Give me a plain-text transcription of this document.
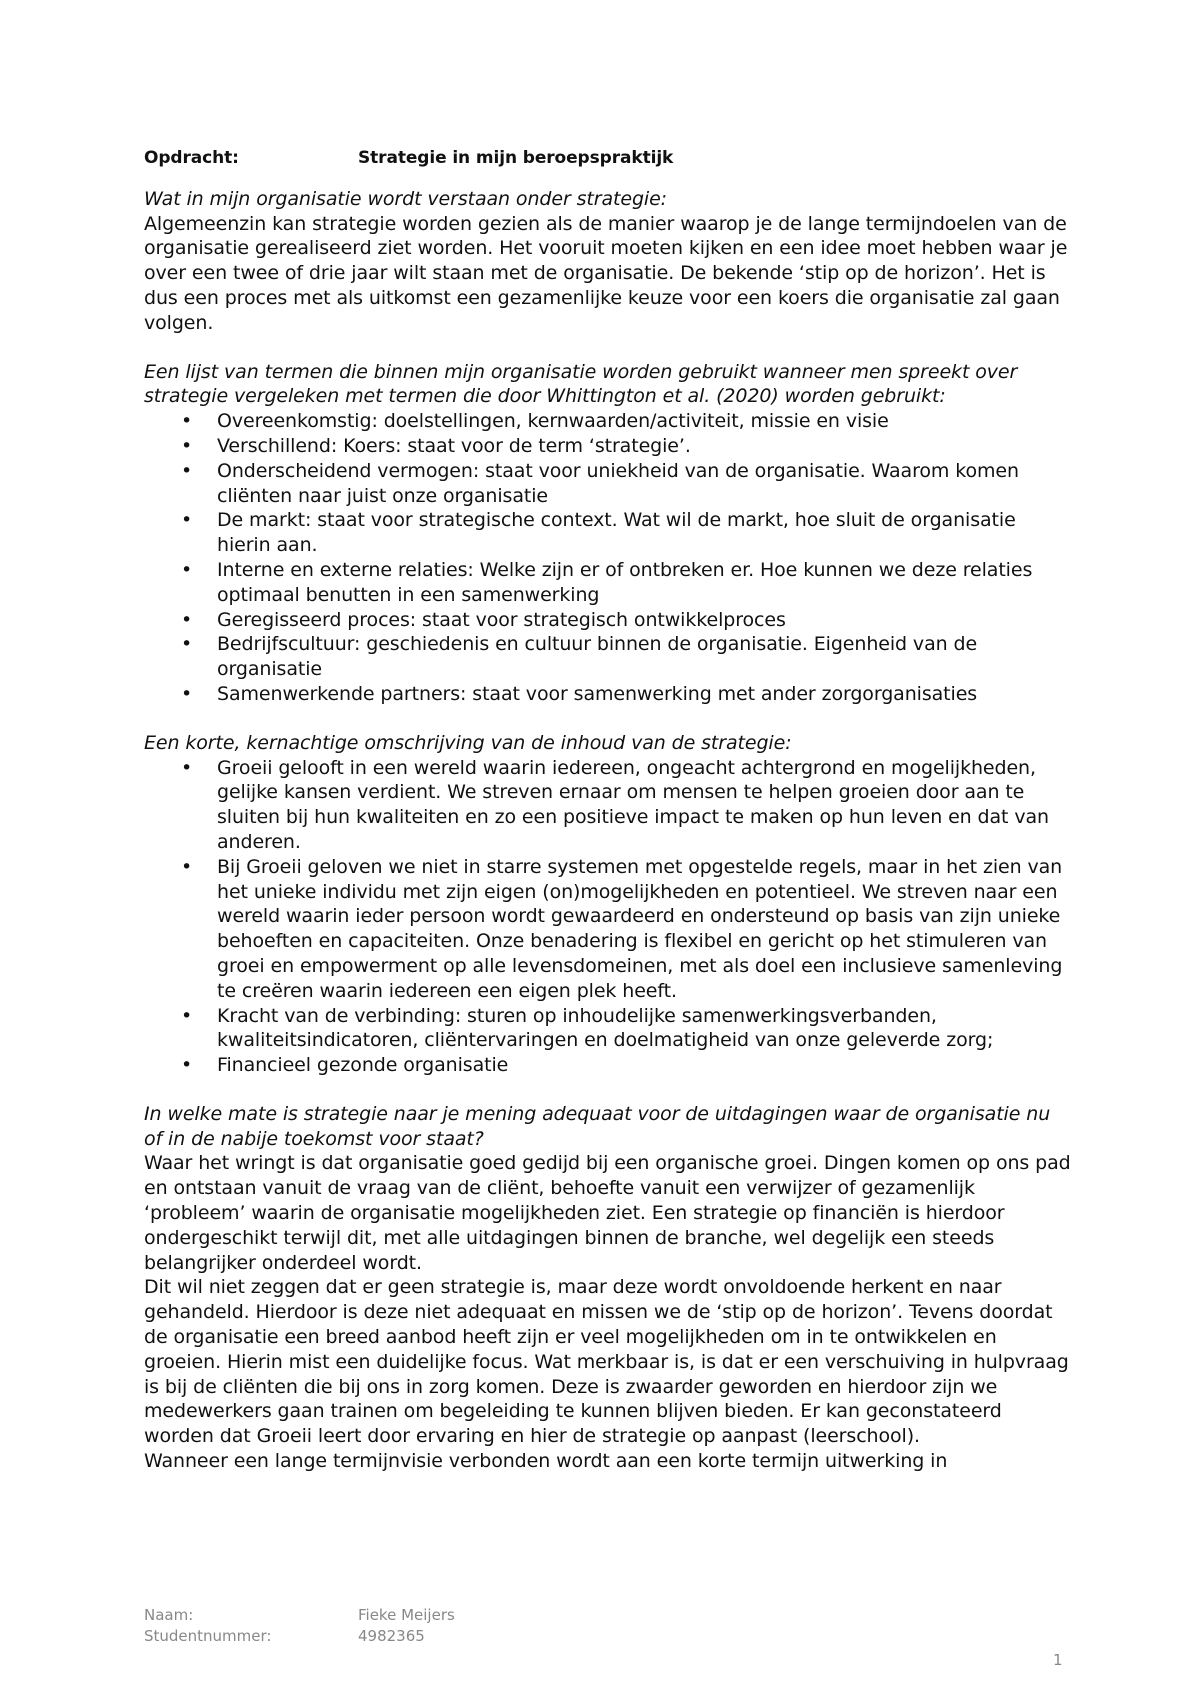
Opdracht:	Strategie in mijn beroepspraktijk

Wat in mijn organisatie wordt verstaan onder strategie:

Algemeenzin kan strategie worden gezien als de manier waarop je de lange termijndoelen van de organisatie gerealiseerd ziet worden. Het vooruit moeten kijken en een idee moet hebben waar je over een twee of drie jaar wilt staan met de organisatie. De bekende ‘stip op de horizon’. Het is dus een proces met als uitkomst een gezamenlijke keuze voor een koers die organisatie zal gaan volgen.

Een lijst van termen die binnen mijn organisatie worden gebruikt wanneer men spreekt over strategie vergeleken met termen die door Whittington et al. (2020) worden gebruikt:

• Overeenkomstig: doelstellingen, kernwaarden/activiteit, missie en visie
• Verschillend: Koers: staat voor de term ‘strategie’.
• Onderscheidend vermogen: staat voor uniekheid van de organisatie. Waarom komen cliënten naar juist onze organisatie
• De markt: staat voor strategische context. Wat wil de markt, hoe sluit de organisatie hierin aan.
• Interne en externe relaties: Welke zijn er of ontbreken er. Hoe kunnen we deze relaties optimaal benutten in een samenwerking
• Geregisseerd proces: staat voor strategisch ontwikkelproces
• Bedrijfscultuur: geschiedenis en cultuur binnen de organisatie. Eigenheid van de organisatie
• Samenwerkende partners: staat voor samenwerking met ander zorgorganisaties

Een korte, kernachtige omschrijving van de inhoud van de strategie:

• Groeii gelooft in een wereld waarin iedereen, ongeacht achtergrond en mogelijkheden, gelijke kansen verdient. We streven ernaar om mensen te helpen groeien door aan te sluiten bij hun kwaliteiten en zo een positieve impact te maken op hun leven en dat van anderen.
• Bij Groeii geloven we niet in starre systemen met opgestelde regels, maar in het zien van het unieke individu met zijn eigen (on)mogelijkheden en potentieel. We streven naar een wereld waarin ieder persoon wordt gewaardeerd en ondersteund op basis van zijn unieke behoeften en capaciteiten. Onze benadering is flexibel en gericht op het stimuleren van groei en empowerment op alle levensdomeinen, met als doel een inclusieve samenleving te creëren waarin iedereen een eigen plek heeft.
• Kracht van de verbinding: sturen op inhoudelijke samenwerkingsverbanden, kwaliteitsindicatoren, cliëntervaringen en doelmatigheid van onze geleverde zorg;
• Financieel gezonde organisatie

In welke mate is strategie naar je mening adequaat voor de uitdagingen waar de organisatie nu of in de nabije toekomst voor staat?

Waar het wringt is dat organisatie goed gedijd bij een organische groei. Dingen komen op ons pad en ontstaan vanuit de vraag van de cliënt, behoefte vanuit een verwijzer of gezamenlijk ‘probleem’ waarin de organisatie mogelijkheden ziet. Een strategie op financiën is hierdoor ondergeschikt terwijl dit, met alle uitdagingen binnen de branche, wel degelijk een steeds belangrijker onderdeel wordt.

Dit wil niet zeggen dat er geen strategie is, maar deze wordt onvoldoende herkent en naar gehandeld. Hierdoor is deze niet adequaat en missen we de ‘stip op de horizon’. Tevens doordat de organisatie een breed aanbod heeft zijn er veel mogelijkheden om in te ontwikkelen en groeien. Hierin mist een duidelijke focus. Wat merkbaar is, is dat er een verschuiving in hulpvraag is bij de cliënten die bij ons in zorg komen. Deze is zwaarder geworden en hierdoor zijn we medewerkers gaan trainen om begeleiding te kunnen blijven bieden. Er kan geconstateerd worden dat Groeii leert door ervaring en hier de strategie op aanpast (leerschool).

Wanneer een lange termijnvisie verbonden wordt aan een korte termijn uitwerking in

Naam:	Fieke Meijers
Studentnummer:	4982365
1
